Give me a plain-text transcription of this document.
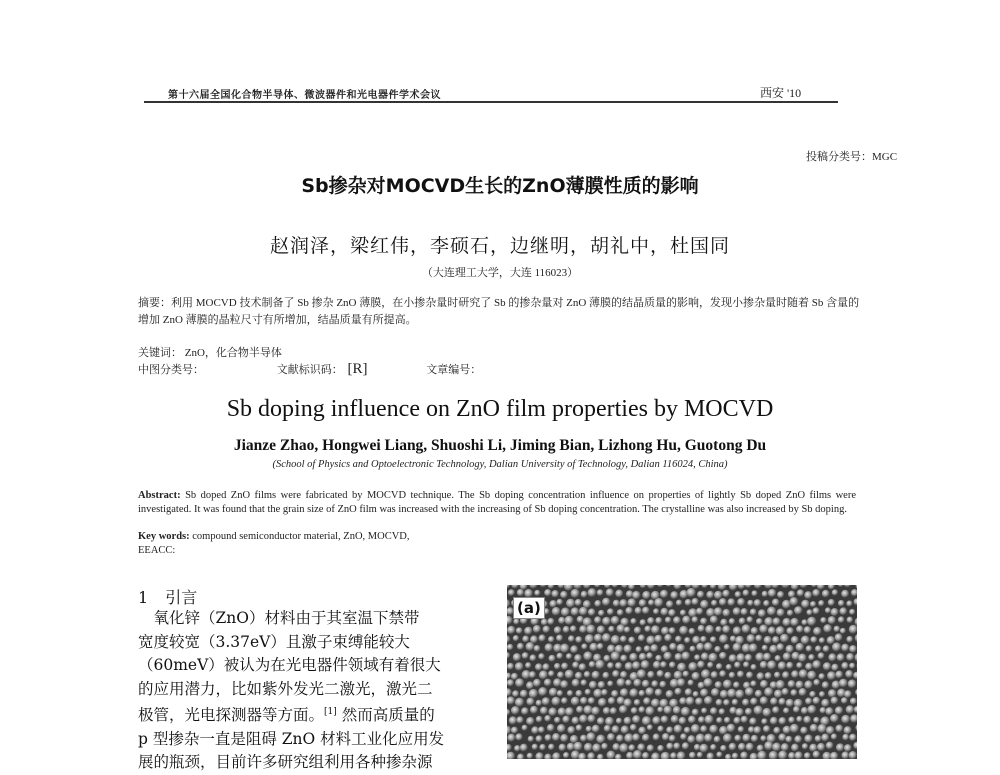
第十六届全国化合物半导体、微波器件和光电器件学术会议	西安 '10
投稿分类号：MGC
Sb掺杂对MOCVD生长的ZnO薄膜性质的影响
赵润泽，梁红伟，李硕石，边继明，胡礼中，杜国同
（大连理工大学，大连 116023）
摘要：利用 MOCVD 技术制备了 Sb 掺杂 ZnO 薄膜，在小掺杂量时研究了 Sb 的掺杂量对 ZnO 薄膜的结晶质量的影响，发现小掺杂量时随着 Sb 含量的增加 ZnO 薄膜的晶粒尺寸有所增加，结晶质量有所提高。
关键词： ZnO，化合物半导体
中图分类号：	文献标识码： [R]	文章编号：
Sb doping influence on ZnO film properties by MOCVD
Jianze Zhao, Hongwei Liang, Shuoshi Li, Jiming Bian, Lizhong Hu, Guotong Du
(School of Physics and Optoelectronic Technology, Dalian University of Technology, Dalian 116024, China)
Abstract: Sb doped ZnO films were fabricated by MOCVD technique. The Sb doping concentration influence on properties of lightly Sb doped ZnO films were investigated. It was found that the grain size of ZnO film was increased with the increasing of Sb doping concentration. The crystalline was also increased by Sb doping.
Key words: compound semiconductor material, ZnO, MOCVD,
EEACC:
1 引言
　氧化锌（ZnO）材料由于其室温下禁带
宽度较宽（3.37eV）且激子束缚能较大
（60meV）被认为在光电器件领域有着很大
的应用潜力，比如紫外发光二激光，激光二
极管，光电探测器等方面。[1] 然而高质量的
p 型掺杂一直是阻碍 ZnO 材料工业化应用发
展的瓶颈，目前许多研究组利用各种掺杂源
(a)
